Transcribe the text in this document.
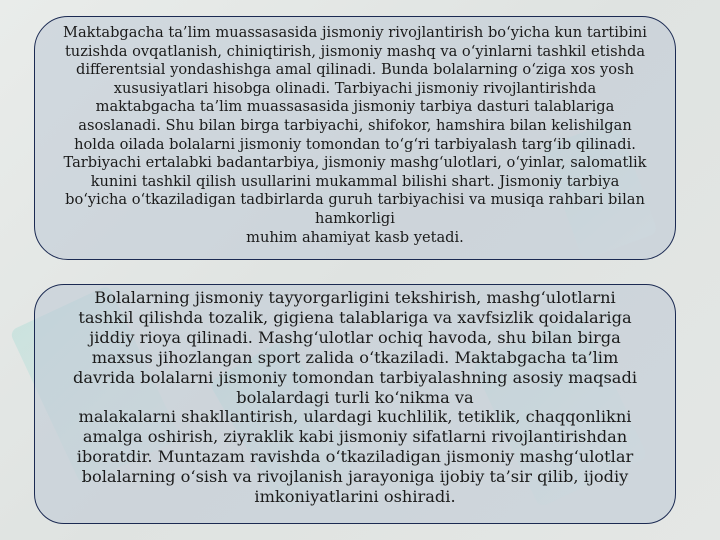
Maktabgacha ta’lim muassasasida jismoniy rivojlantirish bo‘yicha kun tartibini
tuzishda ovqatlanish, chiniqtirish, jismoniy mashq va o‘yinlarni tashkil etishda
differentsial yondashishga amal qilinadi. Bunda bolalarning o‘ziga xos yosh
xususiyatlari hisobga olinadi. Tarbiyachi jismoniy rivojlantirishda
maktabgacha ta’lim muassasasida jismoniy tarbiya dasturi talablariga
asoslanadi. Shu bilan birga tarbiyachi, shifokor, hamshira bilan kelishilgan
holda oilada bolalarni jismoniy tomondan to‘g‘ri tarbiyalash targ‘ib qilinadi.
Tarbiyachi ertalabki badantarbiya, jismoniy mashg‘ulotlari, o‘yinlar, salomatlik
kunini tashkil qilish usullarini mukammal bilishi shart. Jismoniy tarbiya
bo‘yicha o‘tkaziladigan tadbirlarda guruh tarbiyachisi va musiqa rahbari bilan
hamkorligi
muhim ahamiyat kasb yetadi.
Bolalarning jismoniy tayyorgarligini tekshirish, mashg‘ulotlarni
tashkil qilishda tozalik, gigiena talablariga va xavfsizlik qoidalariga
jiddiy rioya qilinadi. Mashg‘ulotlar ochiq havoda, shu bilan birga
maxsus jihozlangan sport zalida o‘tkaziladi. Maktabgacha ta’lim
davrida bolalarni jismoniy tomondan tarbiyalashning asosiy maqsadi
bolalardagi turli ko‘nikma va
malakalarni shakllantirish, ulardagi kuchlilik, tetiklik, chaqqonlikni
amalga oshirish, ziyraklik kabi jismoniy sifatlarni rivojlantirishdan
iboratdir. Muntazam ravishda o‘tkaziladigan jismoniy mashg‘ulotlar
bolalarning o‘sish va rivojlanish jarayoniga ijobiy ta’sir qilib, ijodiy
imkoniyatlarini oshiradi.
